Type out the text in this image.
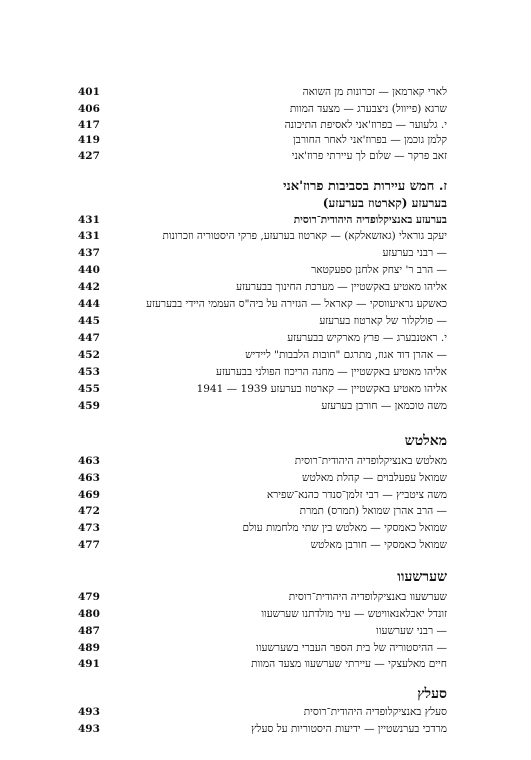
לארי קארמאן — זכרונות מן השואה
401
שרגא (פייוול) ניצבערג — מצעד המוות
406
י. גלעוער — בפרוז'אני לאסיפת התיכונה
417
קלמן גוכמן — בפרוז'אני לאחר החורבן
419
זאב פרקר — שלום לך עיירתי פרוז'אני
427
ז. חמש עיירות בסביבות פרוז'אני
בערעזע (קארטוז בערעזע)
בערעזע באנציקלופדיה היהודית־רוסית
431
יעקב גוראלי (גאזשאלקא) — קארטוז בערעזע, פרקי היסטוריה וזכרונות
431
— רבני בערעזע
437
— הרב ר' יצחק אלחנן ספעקטאר
440
אליהו מאטיע באקשטיין — מערכת החינוך בבערעזע
442
כאשקע גראיעווסקי — קאראל — הגזירה על ביה"ס העממי היידי בבערעזע
444
— פולקלור של קארטוז בערעזע
445
י. ראטנבערג — פרץ מארקיש בבערעזע
447
— אהרן דוד אגוז, מתרגם "חובות הלבבות" ליידיש
452
אליהו מאטיע באקשטיין — מחנה הריכוז הפולני בבערעזע
453
אליהו מאטיע באקשטיין — קארטוז בערעזע 1939 — 1941
455
משה טוכמאן — חורבן בערעזע
459
מאלטש
מאלטש באנציקלופדיה היהודית־רוסית
463
שמואל עפעלבוים — קהלת מאלטש
463
משה ציטביץ — רבי זלמן־סנדר כהנא־שפירא
469
— הרב אהרן שמואל (תמרס) תמרת
472
שמואל כאמסקי — מאלטש בין שתי מלחמות עולם
473
שמואל כאמסקי — חורבן מאלטש
477
שערשעוו
שערשעוו באנציקלופדיה היהודית־רוסית
479
זונדל יאבלאנאוויטש — עיר מולדתנו שערשעוו
480
— רבני שערשעוו
487
— ההיסטוריה של בית הספר העברי בשערשעוו
489
חיים מאלעצקי — עיירתי שערשעוו מצעד המוות
491
סעלץ
סעלץ באנציקלופדיה היהודית־רוסית
493
מרדכי בערנשטיין — ידיעות היסטוריות על סעלץ
493
